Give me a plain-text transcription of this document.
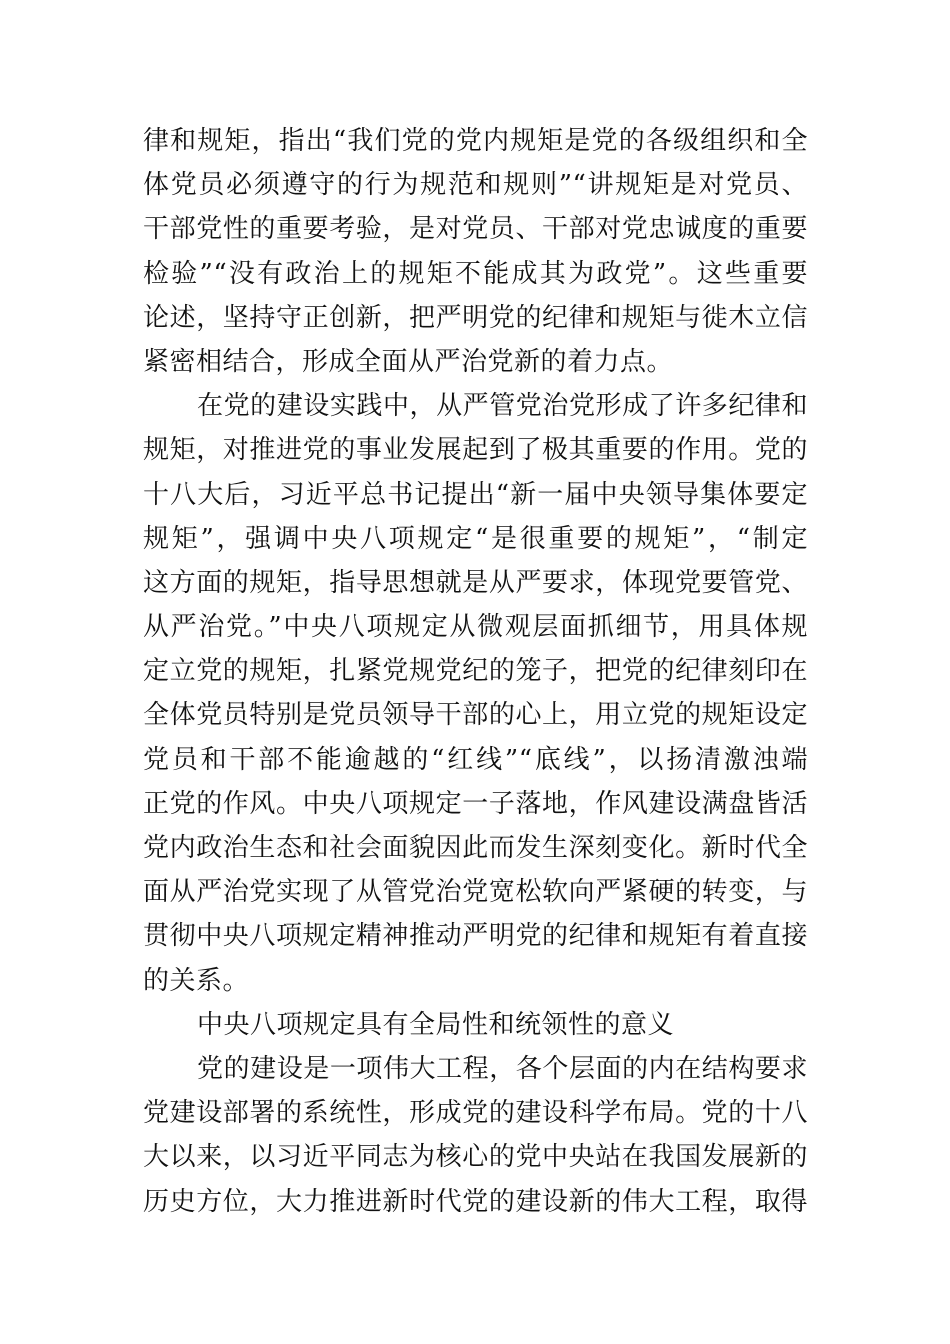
律和规矩，指出“我们党的党内规矩是党的各级组织和全
体党员必须遵守的行为规范和规则”“讲规矩是对党员、
干部党性的重要考验，是对党员、干部对党忠诚度的重要
检验”“没有政治上的规矩不能成其为政党”。这些重要
论述，坚持守正创新，把严明党的纪律和规矩与徙木立信
紧密相结合，形成全面从严治党新的着力点。
在党的建设实践中，从严管党治党形成了许多纪律和
规矩，对推进党的事业发展起到了极其重要的作用。党的
十八大后，习近平总书记提出“新一届中央领导集体要定
规矩”，强调中央八项规定“是很重要的规矩”，“制定
这方面的规矩，指导思想就是从严要求，体现党要管党、
从严治党。”中央八项规定从微观层面抓细节，用具体规
定立党的规矩，扎紧党规党纪的笼子，把党的纪律刻印在
全体党员特别是党员领导干部的心上，用立党的规矩设定
党员和干部不能逾越的“红线”“底线”，以扬清激浊端
正党的作风。中央八项规定一子落地，作风建设满盘皆活
党内政治生态和社会面貌因此而发生深刻变化。新时代全
面从严治党实现了从管党治党宽松软向严紧硬的转变，与
贯彻中央八项规定精神推动严明党的纪律和规矩有着直接
的关系。
中央八项规定具有全局性和统领性的意义
党的建设是一项伟大工程，各个层面的内在结构要求
党建设部署的系统性，形成党的建设科学布局。党的十八
大以来，以习近平同志为核心的党中央站在我国发展新的
历史方位，大力推进新时代党的建设新的伟大工程，取得
